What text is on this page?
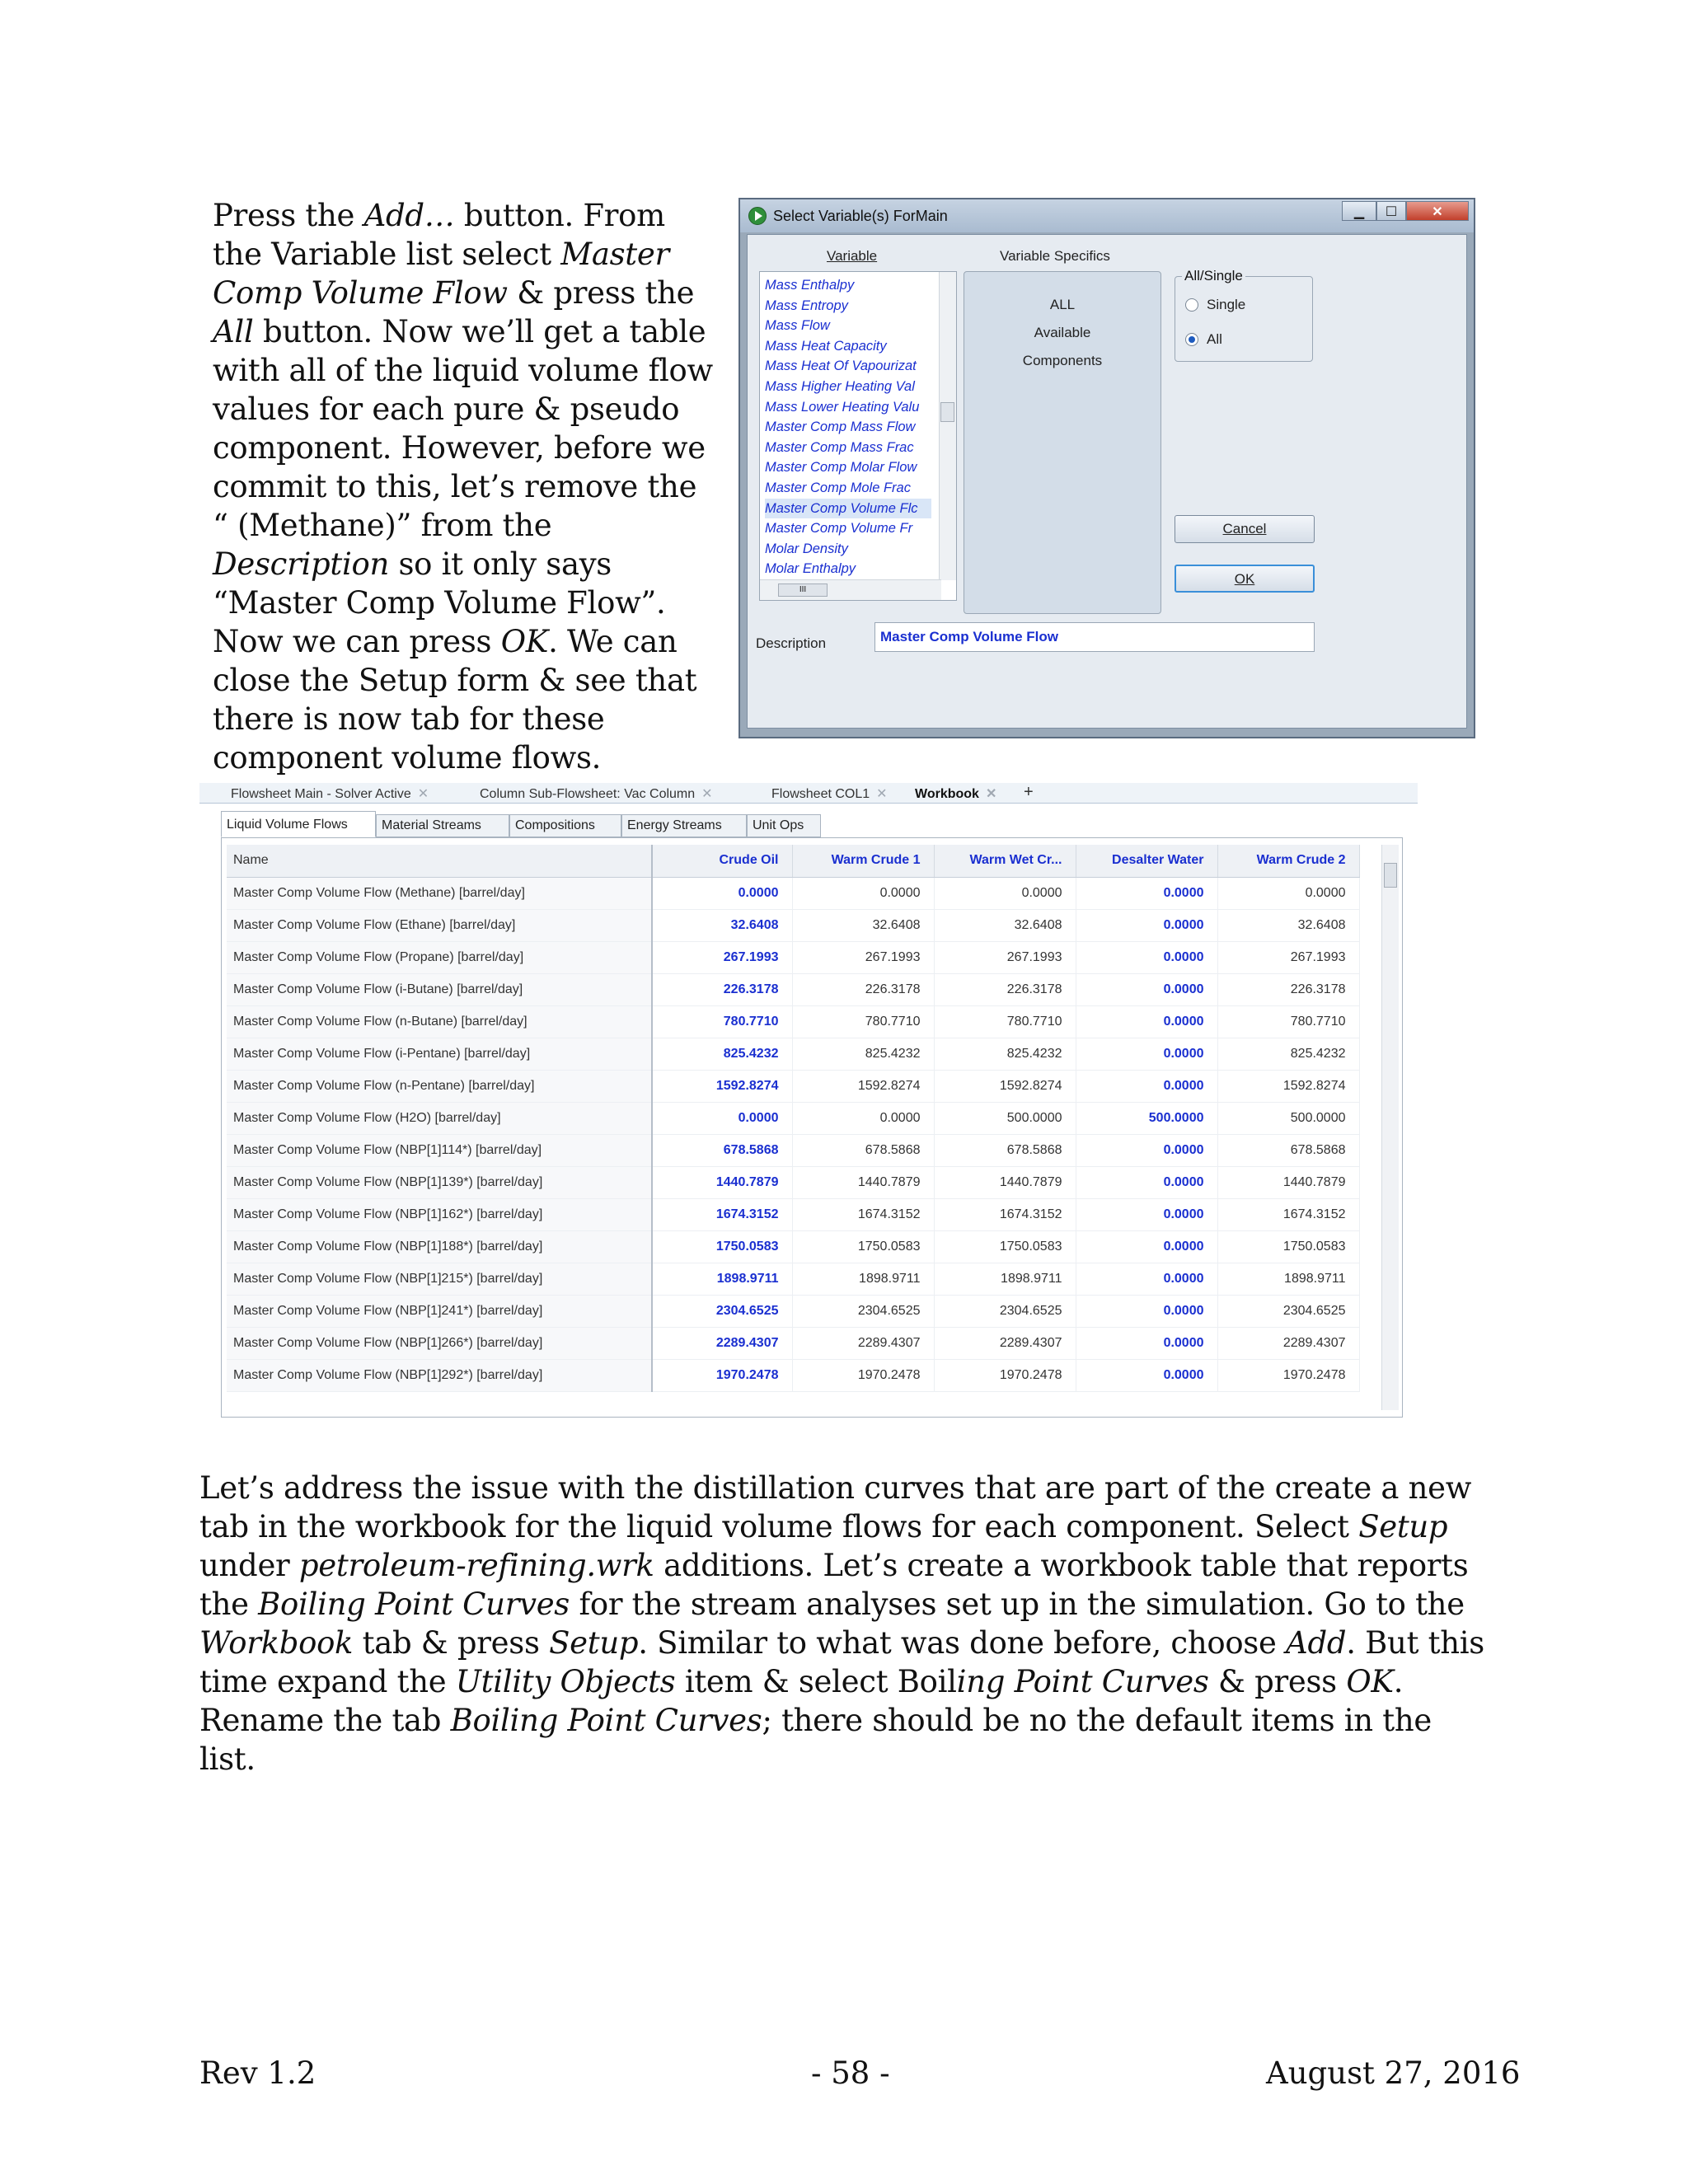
Press the Add… button. From the Variable list select Master Comp Volume Flow & press the All button. Now we’ll get a table with all of the liquid volume flow values for each pure & pseudo component. However, before we commit to this, let’s remove the “ (Methane)” from the Description so it only says “Master Comp Volume Flow”. Now we can press OK. We can close the Setup form & see that there is now tab for these component volume flows.
Select Variable(s) ForMain	▁	☐	✕
Variable	Variable Specifics
Mass Enthalpy
Mass Entropy
Mass Flow
Mass Heat Capacity
Mass Heat Of Vapourizat
Mass Higher Heating Val
Mass Lower Heating Valu
Master Comp Mass Flow
Master Comp Mass Frac
Master Comp Molar Flow
Master Comp Mole Frac
Master Comp Volume Flc
Master Comp Volume Fr
Molar Density
Molar Enthalpy
III
ALL
Available
Components
All/Single
Single
All
Cancel
OK
Description
Master Comp Volume Flow
Flowsheet Main - Solver Active ✕	Column Sub-Flowsheet: Vac Column ✕	Flowsheet COL1 ✕ Workbook ✕ +
Liquid Volume Flows	Material Streams	Compositions	Energy Streams	Unit Ops
Name	Crude Oil	Warm Crude 1	Warm Wet Cr...	Desalter Water	Warm Crude 2
Master Comp Volume Flow (Methane) [barrel/day]	0.0000	0.0000	0.0000	0.0000	0.0000
Master Comp Volume Flow (Ethane) [barrel/day]	32.6408	32.6408	32.6408	0.0000	32.6408
Master Comp Volume Flow (Propane) [barrel/day]	267.1993	267.1993	267.1993	0.0000	267.1993
Master Comp Volume Flow (i-Butane) [barrel/day]	226.3178	226.3178	226.3178	0.0000	226.3178
Master Comp Volume Flow (n-Butane) [barrel/day]	780.7710	780.7710	780.7710	0.0000	780.7710
Master Comp Volume Flow (i-Pentane) [barrel/day]	825.4232	825.4232	825.4232	0.0000	825.4232
Master Comp Volume Flow (n-Pentane) [barrel/day]	1592.8274	1592.8274	1592.8274	0.0000	1592.8274
Master Comp Volume Flow (H2O) [barrel/day]	0.0000	0.0000	500.0000	500.0000	500.0000
Master Comp Volume Flow (NBP[1]114*) [barrel/day]	678.5868	678.5868	678.5868	0.0000	678.5868
Master Comp Volume Flow (NBP[1]139*) [barrel/day]	1440.7879	1440.7879	1440.7879	0.0000	1440.7879
Master Comp Volume Flow (NBP[1]162*) [barrel/day]	1674.3152	1674.3152	1674.3152	0.0000	1674.3152
Master Comp Volume Flow (NBP[1]188*) [barrel/day]	1750.0583	1750.0583	1750.0583	0.0000	1750.0583
Master Comp Volume Flow (NBP[1]215*) [barrel/day]	1898.9711	1898.9711	1898.9711	0.0000	1898.9711
Master Comp Volume Flow (NBP[1]241*) [barrel/day]	2304.6525	2304.6525	2304.6525	0.0000	2304.6525
Master Comp Volume Flow (NBP[1]266*) [barrel/day]	2289.4307	2289.4307	2289.4307	0.0000	2289.4307
Master Comp Volume Flow (NBP[1]292*) [barrel/day]	1970.2478	1970.2478	1970.2478	0.0000	1970.2478
Let’s address the issue with the distillation curves that are part of the create a new tab in the workbook for the liquid volume flows for each component. Select Setup under petroleum-refining.wrk additions. Let’s create a workbook table that reports the Boiling Point Curves for the stream analyses set up in the simulation. Go to the Workbook tab & press Setup. Similar to what was done before, choose Add. But this time expand the Utility Objects item & select Boiling Point Curves & press OK. Rename the tab Boiling Point Curves; there should be no the default items in the list.
Rev 1.2	- 58 -	August 27, 2016
